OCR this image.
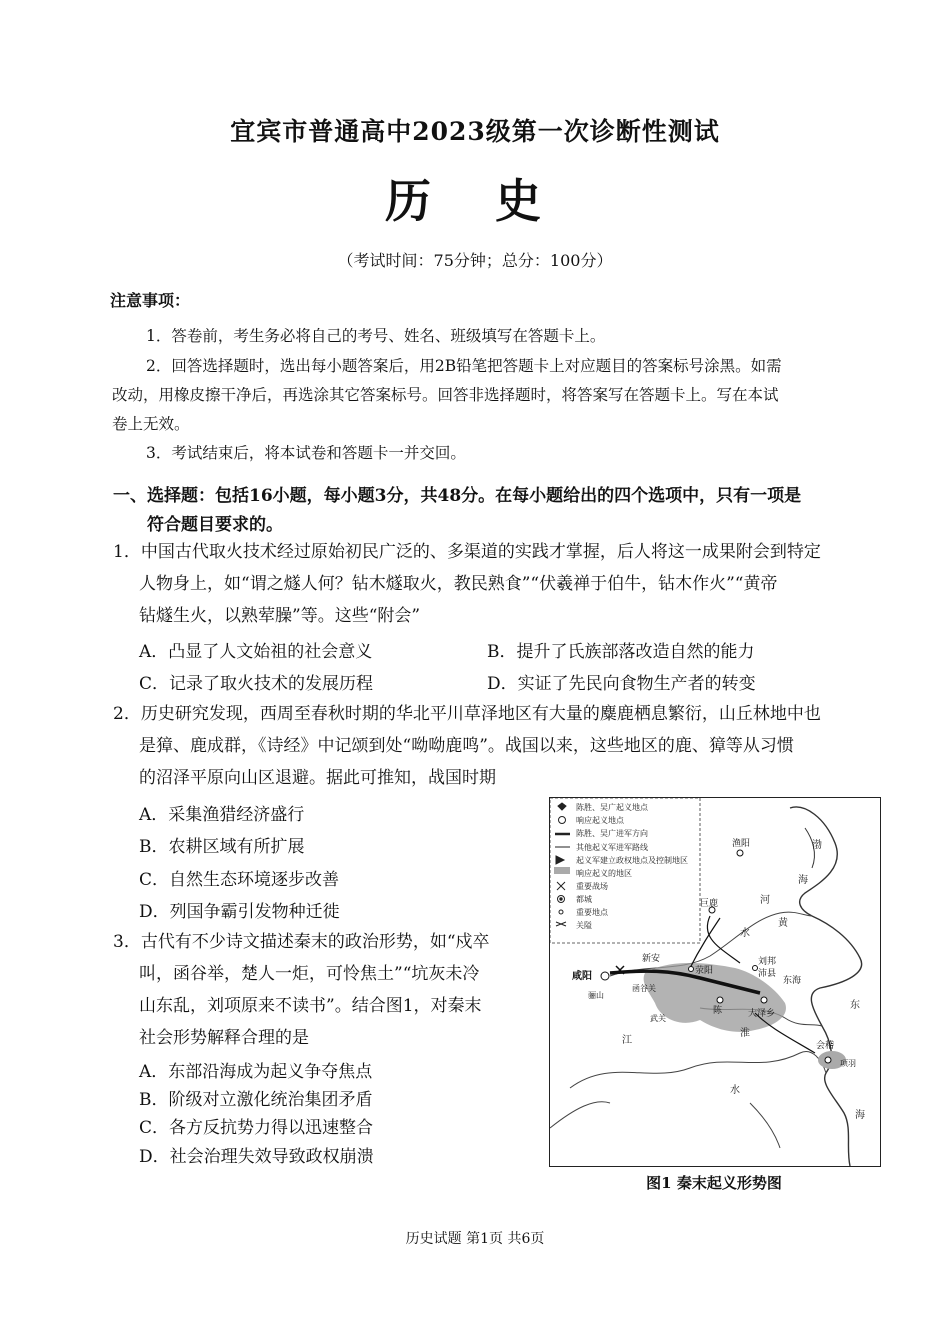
宜宾市普通高中2023级第一次诊断性测试
历 史
（考试时间：75分钟；总分：100分）
注意事项：
1．答卷前，考生务必将自己的考号、姓名、班级填写在答题卡上。
2．回答选择题时，选出每小题答案后，用2B铅笔把答题卡上对应题目的答案标号涂黑。如需
改动，用橡皮擦干净后，再选涂其它答案标号。回答非选择题时，将答案写在答题卡上。写在本试
卷上无效。
3．考试结束后，将本试卷和答题卡一并交回。
一、选择题：包括16小题，每小题3分，共48分。在每小题给出的四个选项中，只有一项是
符合题目要求的。
1．中国古代取火技术经过原始初民广泛的、多渠道的实践才掌握，后人将这一成果附会到特定
人物身上，如“谓之燧人何？钻木燧取火，教民熟食”“伏羲禅于伯牛，钻木作火”“黄帝
钻燧生火，以熟荤臊”等。这些“附会”
A．凸显了人文始祖的社会意义	B．提升了氏族部落改造自然的能力
C．记录了取火技术的发展历程	D．实证了先民向食物生产者的转变
2．历史研究发现，西周至春秋时期的华北平川草泽地区有大量的麋鹿栖息繁衍，山丘林地中也
是獐、鹿成群，《诗经》中记颂到处“呦呦鹿鸣”。战国以来，这些地区的鹿、獐等从习惯
的沼泽平原向山区退避。据此可推知，战国时期
A．采集渔猎经济盛行
B．农耕区域有所扩展
C．自然生态环境逐步改善
D．列国争霸引发物种迁徙
3．古代有不少诗文描述秦末的政治形势，如“戍卒
叫，函谷举，楚人一炬，可怜焦土”“坑灰未冷
山东乱，刘项原来不读书”。结合图1，对秦末
社会形势解释合理的是
A．东部沿海成为起义争夺焦点
B．阶级对立激化统治集团矛盾
C．各方反抗势力得以迅速整合
D．社会治理失效导致政权崩溃
陈胜、吴广起义地点
响应起义地点
陈胜、吴广进军方向
其他起义军进军路线
起义军建立政权地点及控制地区
响应起义的地区
重要战场
都城
重要地点
关隘
渔阳
巨鹿
新安
咸阳
骊山
函谷关
荥阳
刘邦
沛县
东海
陈
武关	大泽乡
会稽
项羽
渤
海
河
黄
水
江
淮
东
海
水
图1 秦末起义形势图
历史试题 第1页 共6页
